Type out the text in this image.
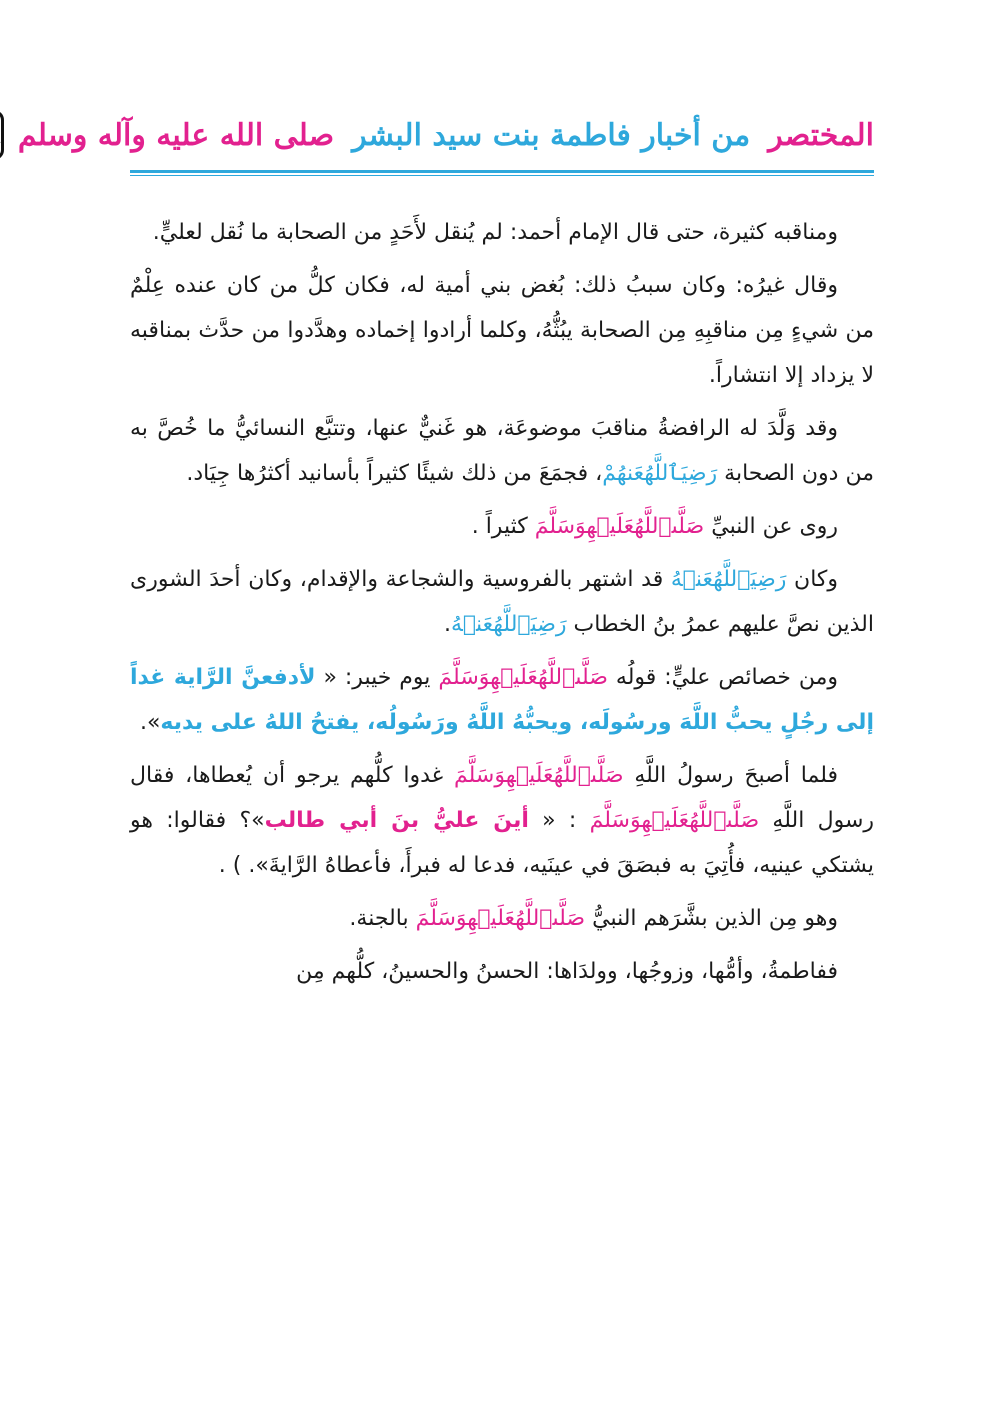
المختصر
من أخبار فاطمة بنت سيد البشر
صلى الله عليه وآله وسلم

ومناقبه كثيرة، حتى قال الإمام أحمد: لم يُنقل لأَحَدٍ من الصحابة ما نُقل لعليٍّ.

وقال غيرُه: وكان سببُ ذلك: بُغض بني أمية له، فكان كلُّ من كان عنده عِلْمٌ من شيءٍ مِن مناقبِهِ مِن الصحابة يبُثُّهُ، وكلما أرادوا إخماده وهدَّدوا من حدَّث بمناقبه لا يزداد إلا انتشاراً.

وقد وَلَّدَ له الرافضةُ مناقبَ موضوعَة، هو غَنيٌّ عنها، وتتبَّع النسائيُّ ما خُصَّ به من دون الصحابة رَضِيَٱللَّهُعَنهُمْ، فجمَعَ من ذلك شيئًا كثيراً بأسانيد أكثرُها جِيَاد.

روى عن النبيِّ صَلَّىٱللَّهُعَلَيۡهِوَسَلَّمَ كثيراً .

وكان رَضِيَٱللَّهُعَنۡهُ قد اشتهر بالفروسية والشجاعة والإقدام، وكان أحدَ الشورى الذين نصَّ عليهم عمرُ بنُ الخطاب رَضِيَٱللَّهُعَنۡهُ.

ومن خصائص عليٍّ: قولُه صَلَّىٱللَّهُعَلَيۡهِوَسَلَّمَ يوم خيبر: « لأدفعنَّ الرَّاية غداً إلى رجُلٍ يحبُّ اللَّهَ ورسُولَه، ويحبُّهُ اللَّهُ ورَسُولُه، يفتحُ اللهُ على يديه».

فلما أصبحَ رسولُ اللَّهِ صَلَّىٱللَّهُعَلَيۡهِوَسَلَّمَ غدوا كلُّهم يرجو أن يُعطاها، فقال رسول اللَّهِ صَلَّىٱللَّهُعَلَيۡهِوَسَلَّمَ : « أينَ عليُّ بنَ أبي طالب»؟ فقالوا: هو يشتكي عينيه، فأُتِيَ به فبصَقَ في عينَيه، فدعا له فبرأَ، فأعطاهُ الرَّايةَ». ) .

وهو مِن الذين بشَّرَهم النبيُّ صَلَّىٱللَّهُعَلَيۡهِوَسَلَّمَ بالجنة.

ففاطمةُ، وأمُّها، وزوجُها، وولدَاها: الحسنُ والحسينُ، كلُّهم مِن
